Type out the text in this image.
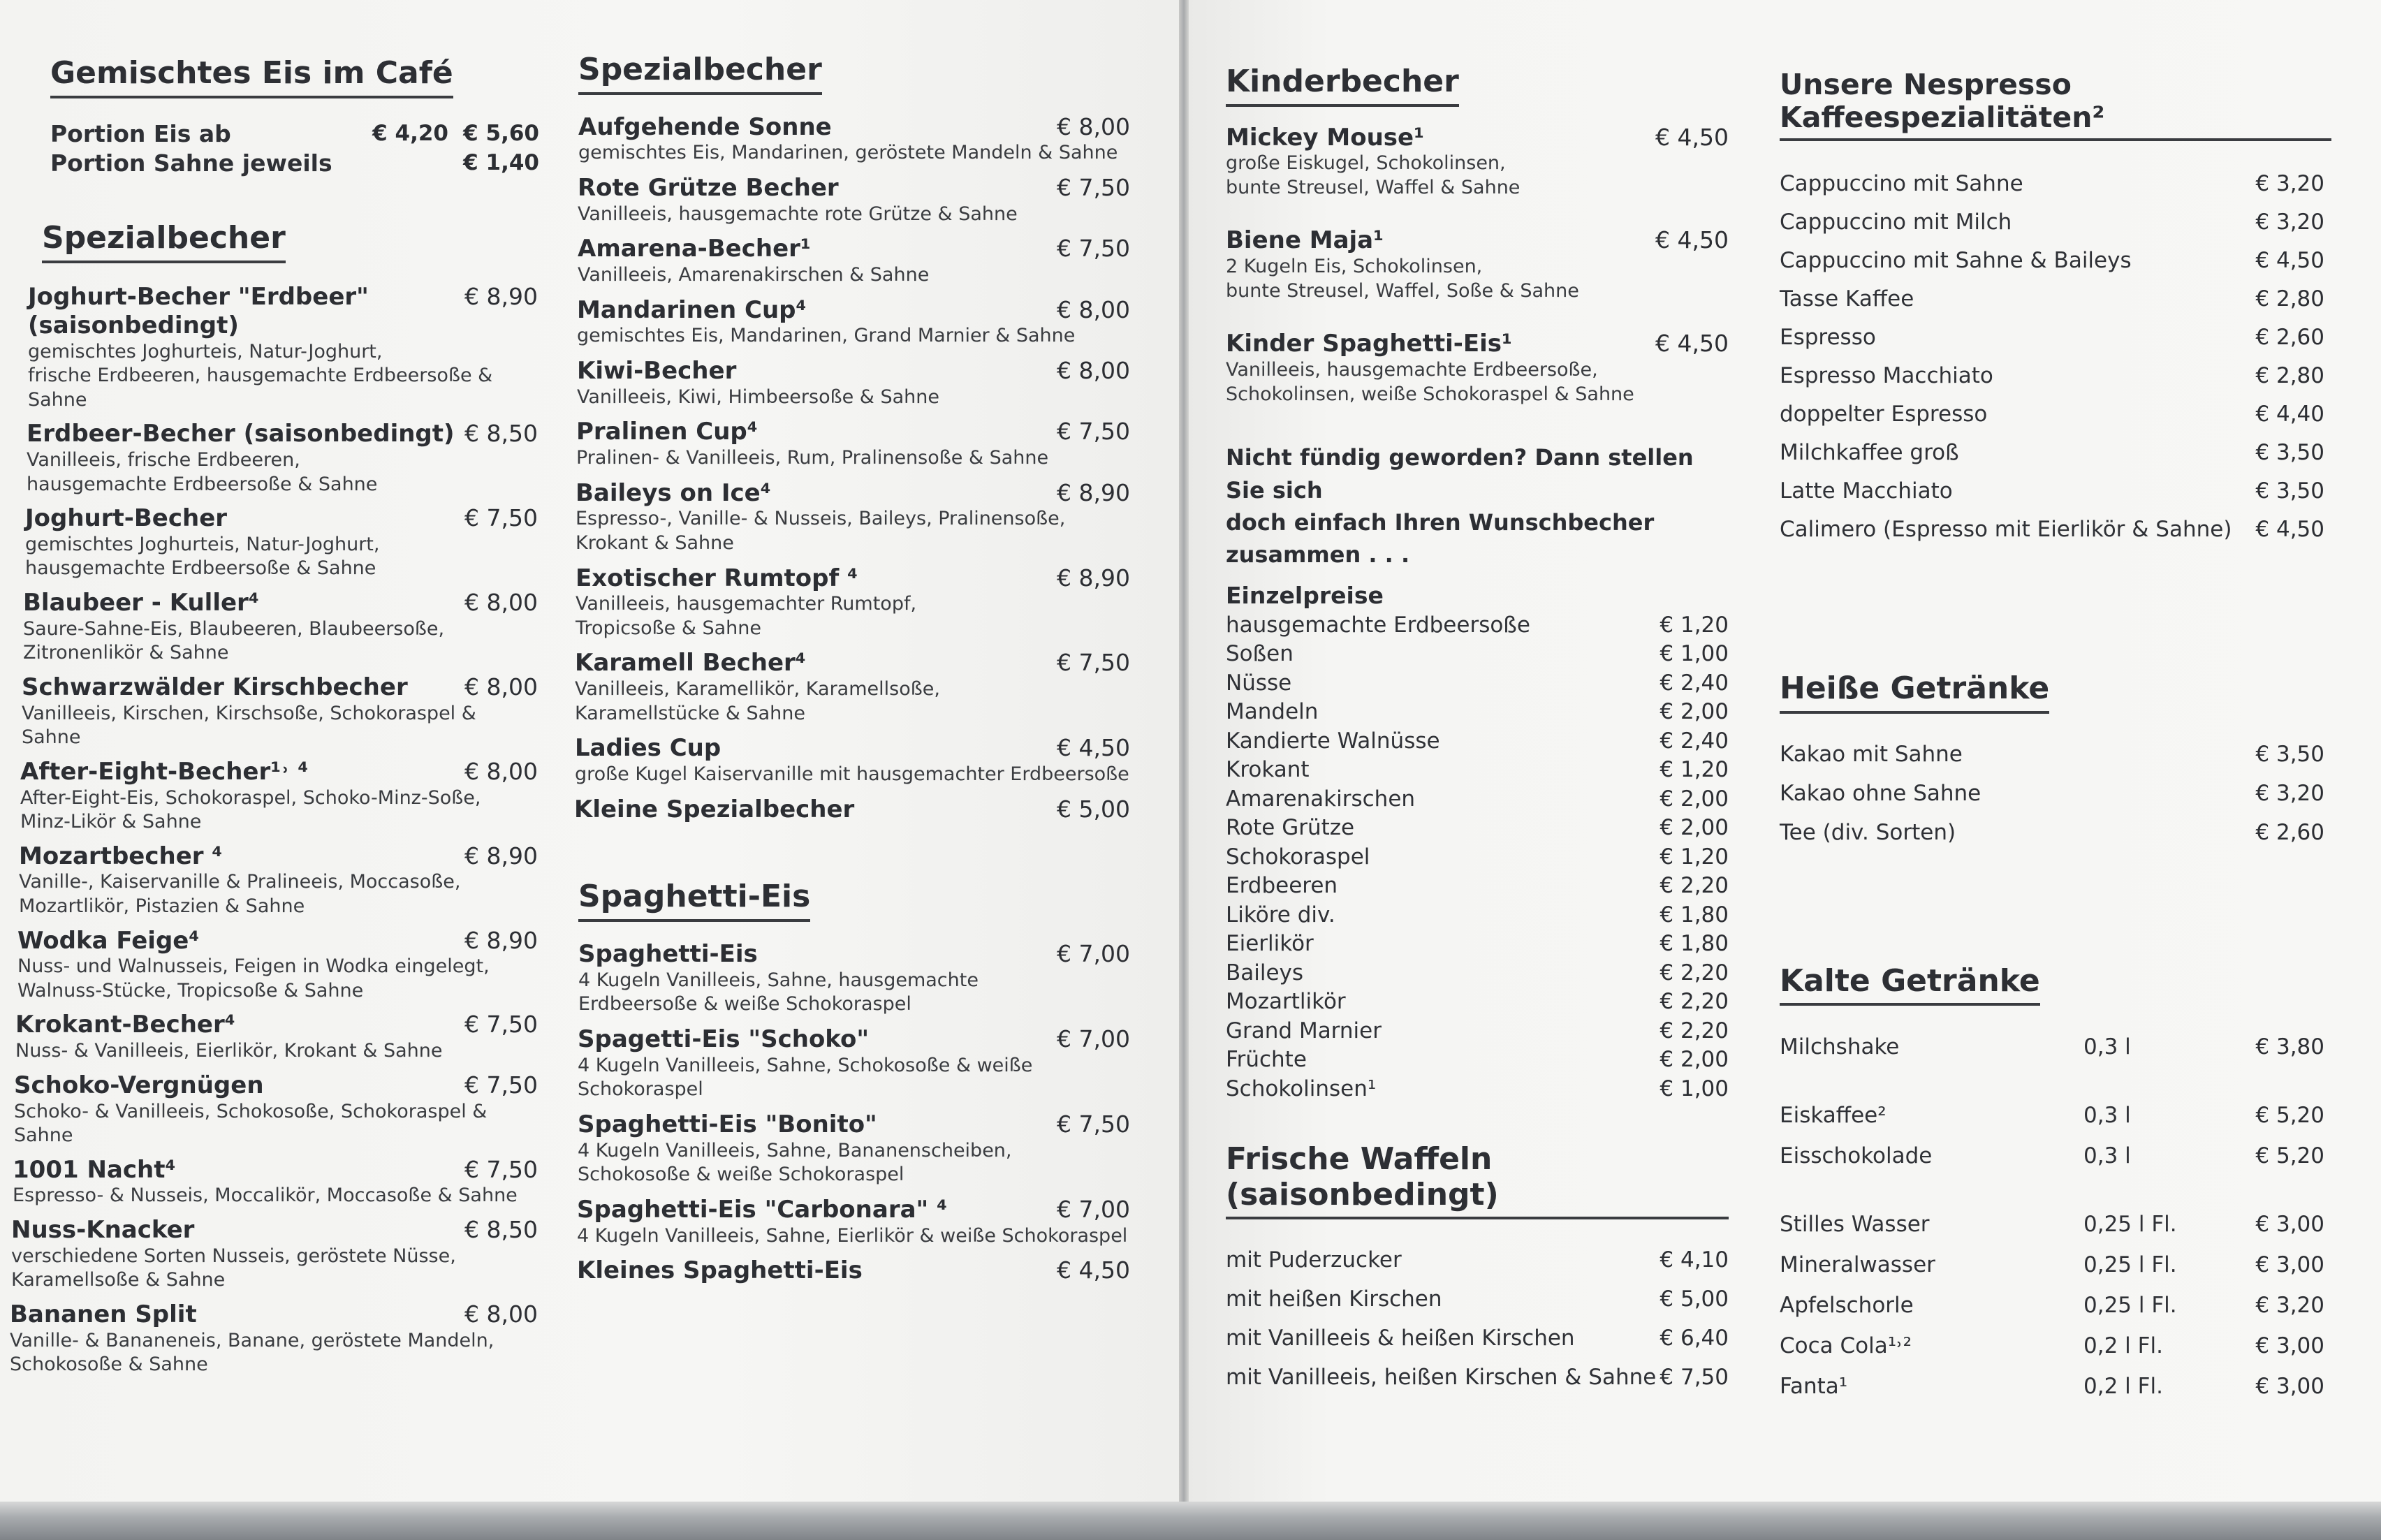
Gemischtes Eis im Café
Portion Eis ab	€ 4,20 € 5,60
Portion Sahne jeweils	€ 1,40
Spezialbecher
Joghurt-Becher "Erdbeer" (saisonbedingt)
€ 8,90
gemischtes Joghurteis, Natur-Joghurt,
frische Erdbeeren, hausgemachte Erdbeersoße & Sahne
Erdbeer-Becher (saisonbedingt) € 8,50
Vanilleeis, frische Erdbeeren,
hausgemachte Erdbeersoße & Sahne
Joghurt-Becher	€ 7,50
gemischtes Joghurteis, Natur-Joghurt,
hausgemachte Erdbeersoße & Sahne
Blaubeer - Kuller⁴	€ 8,00
Saure-Sahne-Eis, Blaubeeren, Blaubeersoße,
Zitronenlikör & Sahne
Schwarzwälder Kirschbecher	€ 8,00
Vanilleeis, Kirschen, Kirschsoße, Schokoraspel & Sahne
After-Eight-Becher¹˒ ⁴	€ 8,00
After-Eight-Eis, Schokoraspel, Schoko-Minz-Soße,
Minz-Likör & Sahne
Mozartbecher ⁴	€ 8,90
Vanille-, Kaiservanille & Pralineeis, Moccasoße,
Mozartlikör, Pistazien & Sahne
Wodka Feige⁴	€ 8,90
Nuss- und Walnusseis, Feigen in Wodka eingelegt,
Walnuss-Stücke, Tropicsoße & Sahne
Krokant-Becher⁴	€ 7,50
Nuss- & Vanilleeis, Eierlikör, Krokant & Sahne
Schoko-Vergnügen	€ 7,50
Schoko- & Vanilleeis, Schokosoße, Schokoraspel & Sahne
1001 Nacht⁴	€ 7,50
Espresso- & Nusseis, Moccalikör, Moccasoße & Sahne
Nuss-Knacker	€ 8,50
verschiedene Sorten Nusseis, geröstete Nüsse,
Karamellsoße & Sahne
Bananen Split	€ 8,00
Vanille- & Bananeneis, Banane, geröstete Mandeln,
Schokosoße & Sahne
Spezialbecher
Aufgehende Sonne	€ 8,00
gemischtes Eis, Mandarinen, geröstete Mandeln & Sahne
Rote Grütze Becher	€ 7,50
Vanilleeis, hausgemachte rote Grütze & Sahne
Amarena-Becher¹	€ 7,50
Vanilleeis, Amarenakirschen & Sahne
Mandarinen Cup⁴	€ 8,00
gemischtes Eis, Mandarinen, Grand Marnier & Sahne
Kiwi-Becher	€ 8,00
Vanilleeis, Kiwi, Himbeersoße & Sahne
Pralinen Cup⁴	€ 7,50
Pralinen- & Vanilleeis, Rum, Pralinensoße & Sahne
Baileys on Ice⁴	€ 8,90
Espresso-, Vanille- & Nusseis, Baileys, Pralinensoße,
Krokant & Sahne
Exotischer Rumtopf ⁴	€ 8,90
Vanilleeis, hausgemachter Rumtopf,
Tropicsoße & Sahne
Karamell Becher⁴	€ 7,50
Vanilleeis, Karamellikör, Karamellsoße,
Karamellstücke & Sahne
Ladies Cup	€ 4,50
große Kugel Kaiservanille mit hausgemachter Erdbeersoße
Kleine Spezialbecher	€ 5,00
Spaghetti-Eis
Spaghetti-Eis	€ 7,00
4 Kugeln Vanilleeis, Sahne, hausgemachte
Erdbeersoße & weiße Schokoraspel
Spagetti-Eis "Schoko"	€ 7,00
4 Kugeln Vanilleeis, Sahne, Schokosoße & weiße Schokoraspel
Spaghetti-Eis "Bonito"	€ 7,50
4 Kugeln Vanilleeis, Sahne, Bananenscheiben,
Schokosoße & weiße Schokoraspel
Spaghetti-Eis "Carbonara" ⁴	€ 7,00
4 Kugeln Vanilleeis, Sahne, Eierlikör & weiße Schokoraspel
Kleines Spaghetti-Eis	€ 4,50
Kinderbecher
Mickey Mouse¹	€ 4,50
große Eiskugel, Schokolinsen,
bunte Streusel, Waffel & Sahne
Biene Maja¹	€ 4,50
2 Kugeln Eis, Schokolinsen,
bunte Streusel, Waffel, Soße & Sahne
Kinder Spaghetti-Eis¹	€ 4,50
Vanilleeis, hausgemachte Erdbeersoße,
Schokolinsen, weiße Schokoraspel & Sahne
Nicht fündig geworden? Dann stellen Sie sich
doch einfach Ihren Wunschbecher zusammen . . .
Einzelpreise
hausgemachte Erdbeersoße	€ 1,20
Soßen	€ 1,00
Nüsse	€ 2,40
Mandeln	€ 2,00
Kandierte Walnüsse	€ 2,40
Krokant	€ 1,20
Amarenakirschen	€ 2,00
Rote Grütze	€ 2,00
Schokoraspel	€ 1,20
Erdbeeren	€ 2,20
Liköre div.	€ 1,80
Eierlikör	€ 1,80
Baileys	€ 2,20
Mozartlikör	€ 2,20
Grand Marnier	€ 2,20
Früchte	€ 2,00
Schokolinsen¹	€ 1,00
Frische Waffeln (saisonbedingt)
mit Puderzucker	€ 4,10
mit heißen Kirschen	€ 5,00
mit Vanilleeis & heißen Kirschen	€ 6,40
mit Vanilleeis, heißen Kirschen & Sahne € 7,50
Unsere Nespresso Kaffeespezialitäten²
Cappuccino mit Sahne	€ 3,20
Cappuccino mit Milch	€ 3,20
Cappuccino mit Sahne & Baileys	€ 4,50
Tasse Kaffee	€ 2,80
Espresso	€ 2,60
Espresso Macchiato	€ 2,80
doppelter Espresso	€ 4,40
Milchkaffee groß	€ 3,50
Latte Macchiato	€ 3,50
Calimero (Espresso mit Eierlikör & Sahne) € 4,50
Heiße Getränke
Kakao mit Sahne	€ 3,50
Kakao ohne Sahne	€ 3,20
Tee (div. Sorten)	€ 2,60
Kalte Getränke
Milchshake	0,3 l	€ 3,80
Eiskaffee²	0,3 l	€ 5,20
Eisschokolade	0,3 l	€ 5,20
Stilles Wasser	0,25 l Fl.	€ 3,00
Mineralwasser	0,25 l Fl.	€ 3,00
Apfelschorle	0,25 l Fl.	€ 3,20
Coca Cola¹˒²	0,2 l Fl.	€ 3,00
Fanta¹	0,2 l Fl.	€ 3,00
